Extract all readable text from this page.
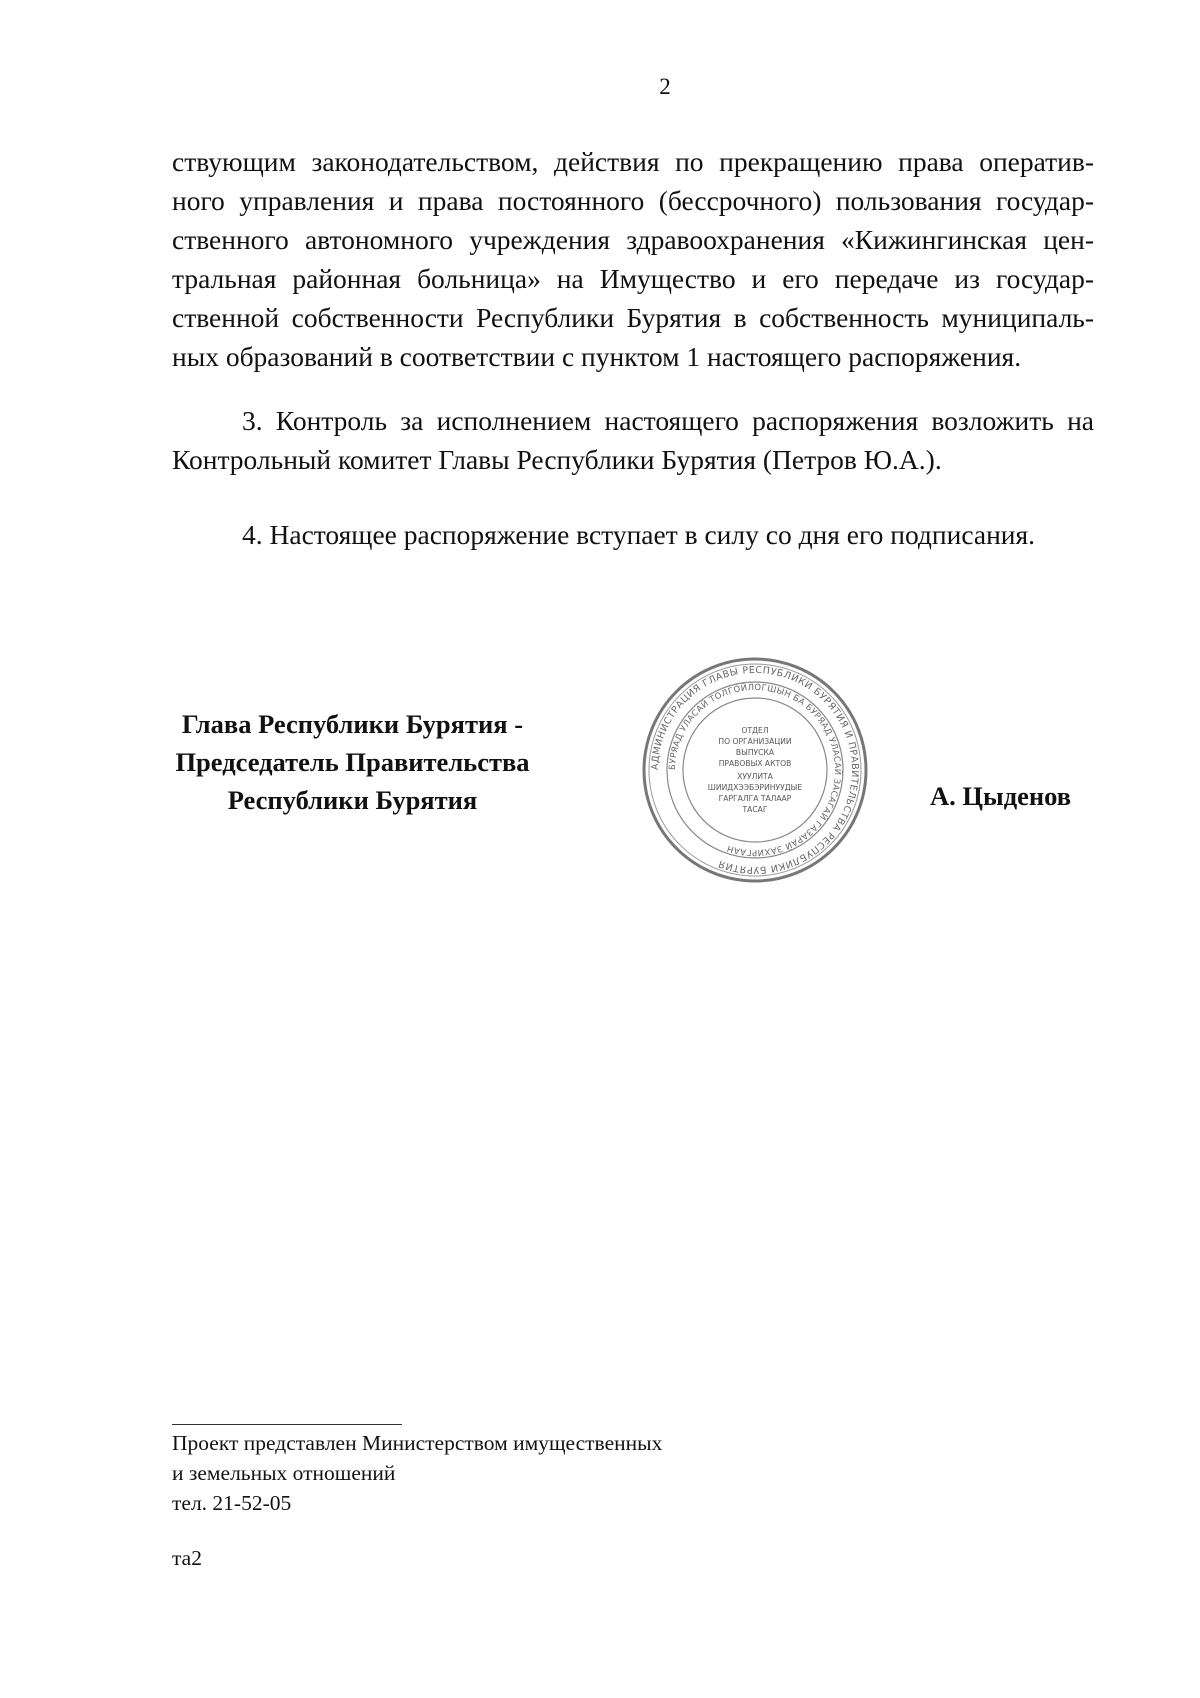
2
ствующим законодательством, действия по прекращению права оператив-
ного управления и права постоянного (бессрочного) пользования государ-
ственного автономного учреждения здравоохранения «Кижингинская цен-
тральная районная больница» на Имущество и его передаче из государ-
ственной собственности Республики Бурятия в собственность муниципаль-
ных образований в соответствии с пунктом 1 настоящего распоряжения.
3. Контроль за исполнением настоящего распоряжения возложить на
Контрольный комитет Главы Республики Бурятия (Петров Ю.А.).
4. Настоящее распоряжение вступает в силу со дня его подписания.
Глава Республики Бурятия -
Председатель Правительства
Республики Бурятия
АДМИНИСТРАЦИЯ ГЛАВЫ РЕСПУБЛИКИ БУРЯТИЯ И ПРАВИТЕЛЬСТВА РЕСПУБЛИКИ БУРЯТИЯ
БУРЯАД УЛАСАЙ ТОЛГОЙЛОГШЫН БА БУРЯАД УЛАСАЙ ЗАСАГАЙ ГАЗАРАЙ ЗАХИРГААН
ОТДЕЛ
ПО ОРГАНИЗАЦИИ
ВЫПУСКА
ПРАВОВЫХ АКТОВ
ХУУЛИТА
ШИИДХЭЭБЭРИНУУДЫЕ
ГАРГАЛГА ТАЛААР
ТАСАГ	А. Цыденов
Проект представлен Министерством имущественных
и земельных отношений
тел. 21-52-05
та2
